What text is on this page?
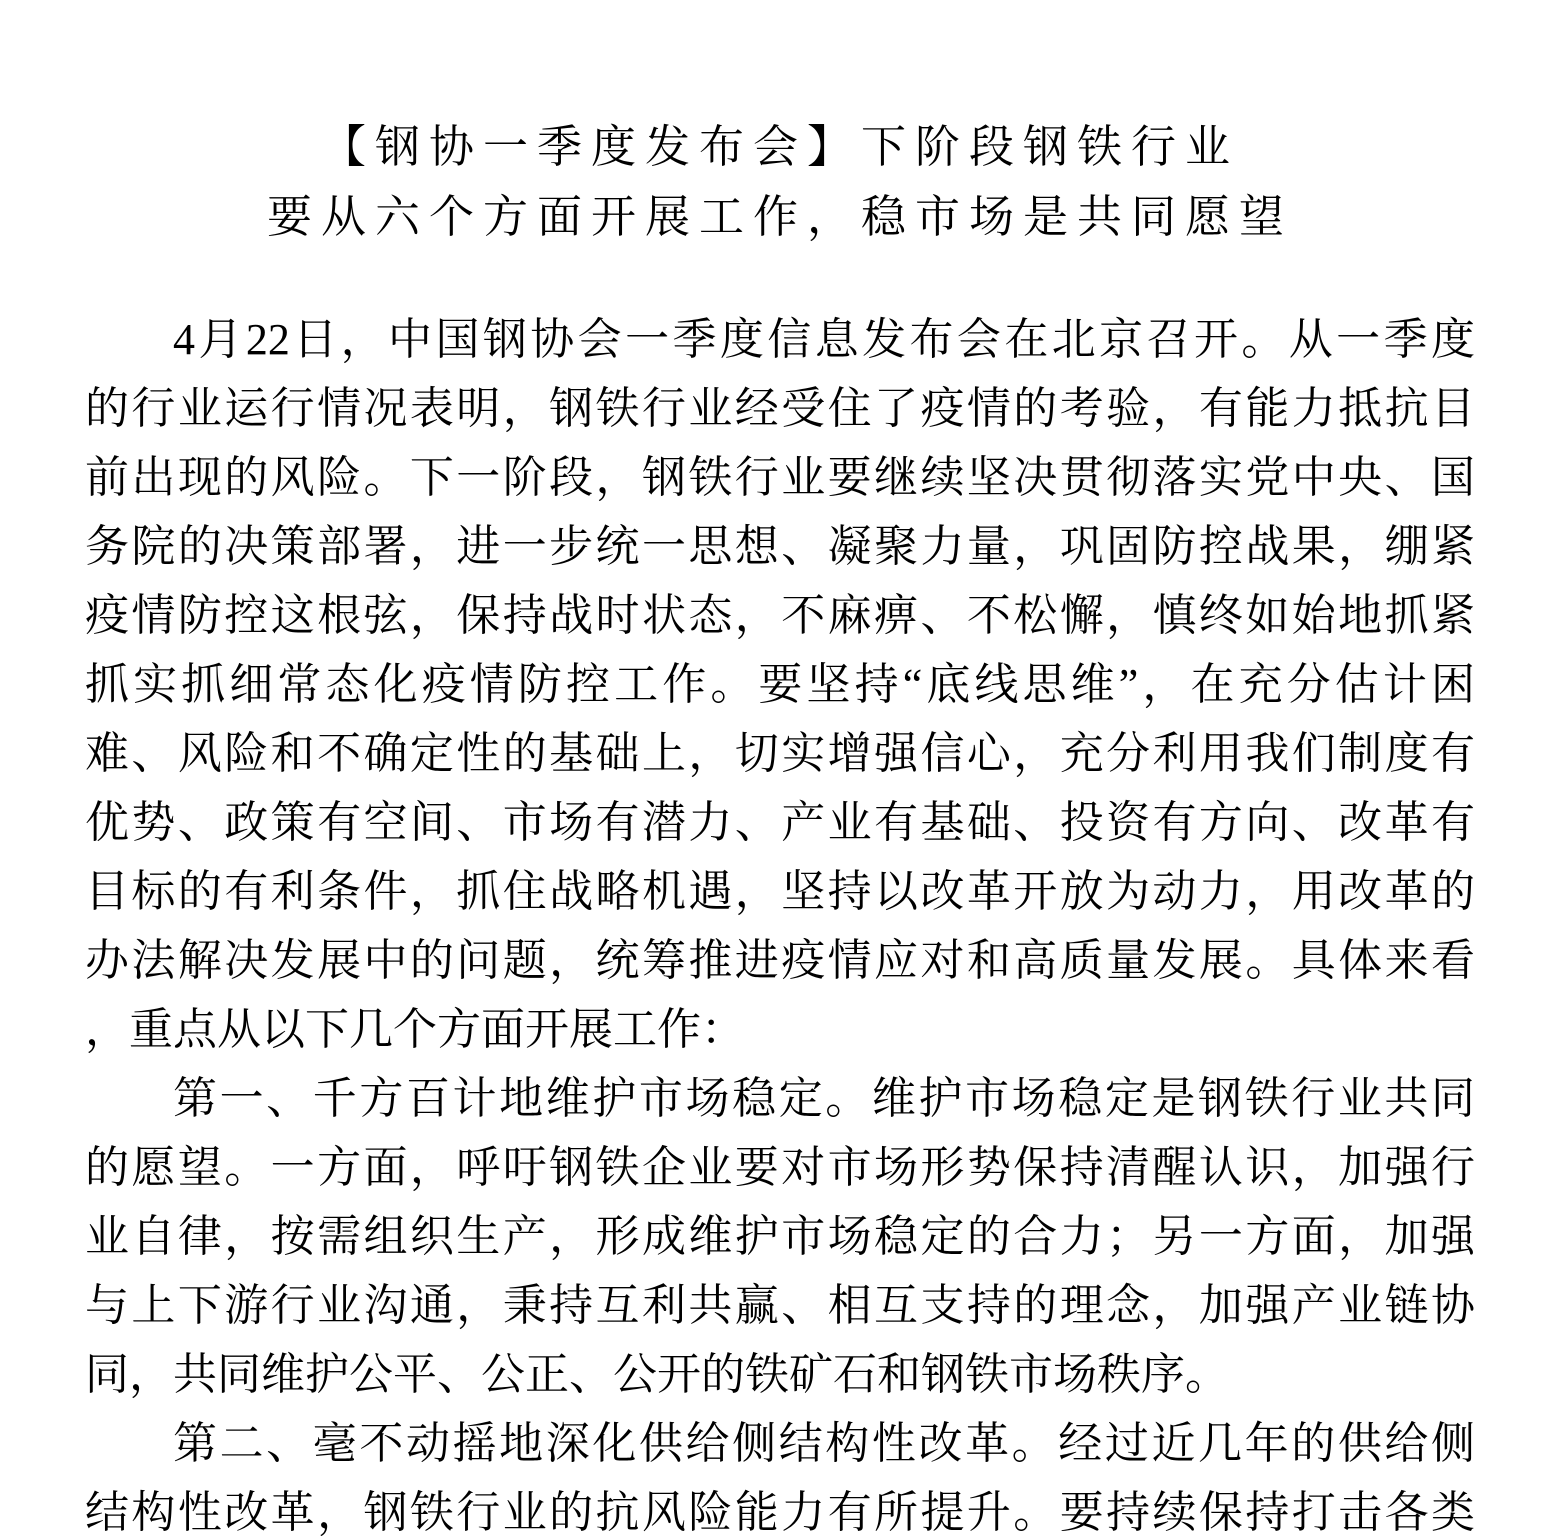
【钢协一季度发布会】下阶段钢铁行业
要从六个方面开展工作，稳市场是共同愿望
4月22日，中国钢协会一季度信息发布会在北京召开。从一季度
的行业运行情况表明，钢铁行业经受住了疫情的考验，有能力抵抗目
前出现的风险。下一阶段，钢铁行业要继续坚决贯彻落实党中央、国
务院的决策部署，进一步统一思想、凝聚力量，巩固防控战果，绷紧
疫情防控这根弦，保持战时状态，不麻痹、不松懈，慎终如始地抓紧
抓实抓细常态化疫情防控工作。要坚持“底线思维”，在充分估计困
难、风险和不确定性的基础上，切实增强信心，充分利用我们制度有
优势、政策有空间、市场有潜力、产业有基础、投资有方向、改革有
目标的有利条件，抓住战略机遇，坚持以改革开放为动力，用改革的
办法解决发展中的问题，统筹推进疫情应对和高质量发展。具体来看
，重点从以下几个方面开展工作：
第一、千方百计地维护市场稳定。维护市场稳定是钢铁行业共同
的愿望。一方面，呼吁钢铁企业要对市场形势保持清醒认识，加强行
业自律，按需组织生产，形成维护市场稳定的合力；另一方面，加强
与上下游行业沟通，秉持互利共赢、相互支持的理念，加强产业链协
同，共同维护公平、公正、公开的铁矿石和钢铁市场秩序。
第二、毫不动摇地深化供给侧结构性改革。经过近几年的供给侧
结构性改革，钢铁行业的抗风险能力有所提升。要持续保持打击各类
